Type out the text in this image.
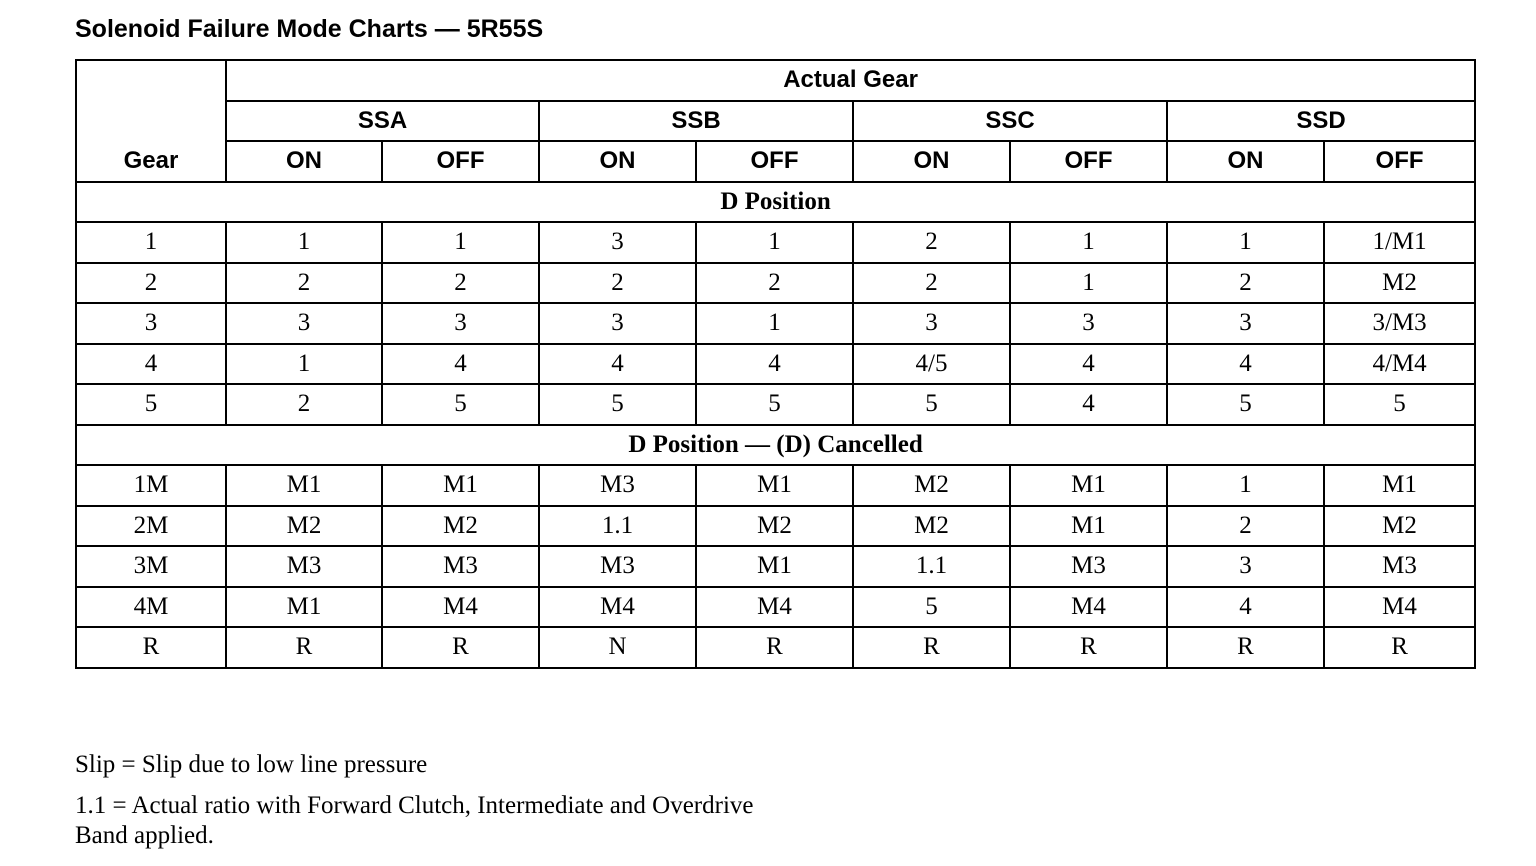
Solenoid Failure Mode Charts — 5R55S
Gear	Actual Gear							
	SSA		SSB		SSC		SSD	
	ON	OFF	ON	OFF	ON	OFF	ON	OFF
D Position								
1	1	1	3	1	2	1	1	1/M1
2	2	2	2	2	2	1	2	M2
3	3	3	3	1	3	3	3	3/M3
4	1	4	4	4	4/5	4	4	4/M4
5	2	5	5	5	5	4	5	5
D Position — (D) Cancelled								
1M	M1	M1	M3	M1	M2	M1	1	M1
2M	M2	M2	1.1	M2	M2	M1	2	M2
3M	M3	M3	M3	M1	1.1	M3	3	M3
4M	M1	M4	M4	M4	5	M4	4	M4
R	R	R	N	R	R	R	R	R

Slip = Slip due to low line pressure

1.1 = Actual ratio with Forward Clutch, Intermediate and Overdrive Band applied.
